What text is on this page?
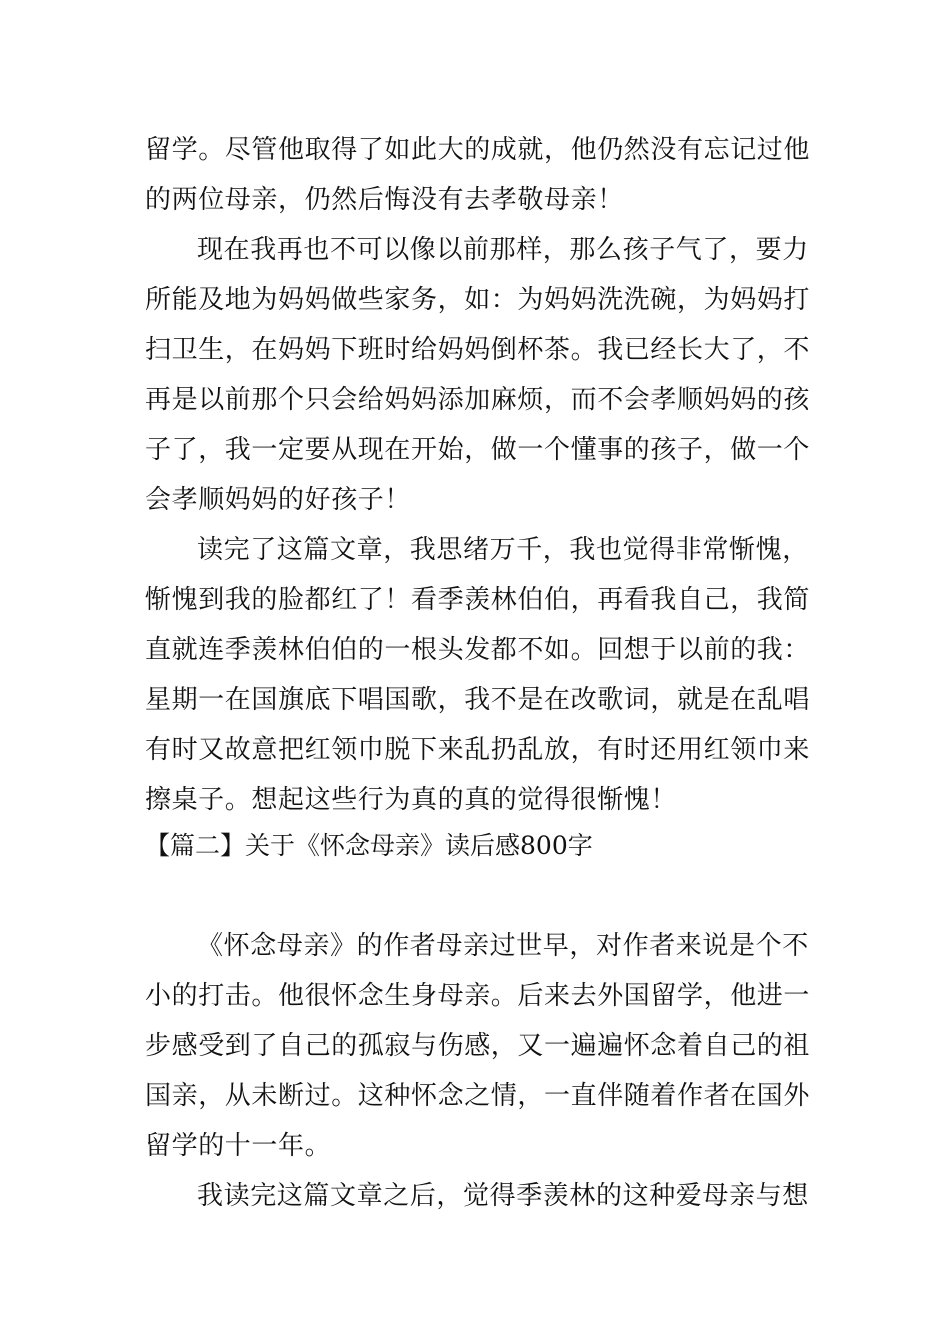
留学。尽管他取得了如此大的成就，他仍然没有忘记过他
的两位母亲，仍然后悔没有去孝敬母亲！
现在我再也不可以像以前那样，那么孩子气了，要力
所能及地为妈妈做些家务，如：为妈妈洗洗碗，为妈妈打
扫卫生，在妈妈下班时给妈妈倒杯茶。我已经长大了，不
再是以前那个只会给妈妈添加麻烦，而不会孝顺妈妈的孩
子了，我一定要从现在开始，做一个懂事的孩子，做一个
会孝顺妈妈的好孩子！
读完了这篇文章，我思绪万千，我也觉得非常惭愧，
惭愧到我的脸都红了！看季羡林伯伯，再看我自己，我简
直就连季羡林伯伯的一根头发都不如。回想于以前的我：
星期一在国旗底下唱国歌，我不是在改歌词，就是在乱唱
有时又故意把红领巾脱下来乱扔乱放，有时还用红领巾来
擦桌子。想起这些行为真的真的觉得很惭愧！
【篇二】关于《怀念母亲》读后感800字
《怀念母亲》的作者母亲过世早，对作者来说是个不
小的打击。他很怀念生身母亲。后来去外国留学，他进一
步感受到了自己的孤寂与伤感，又一遍遍怀念着自己的祖
国亲，从未断过。这种怀念之情，一直伴随着作者在国外
留学的十一年。
我读完这篇文章之后，觉得季羡林的这种爱母亲与想
